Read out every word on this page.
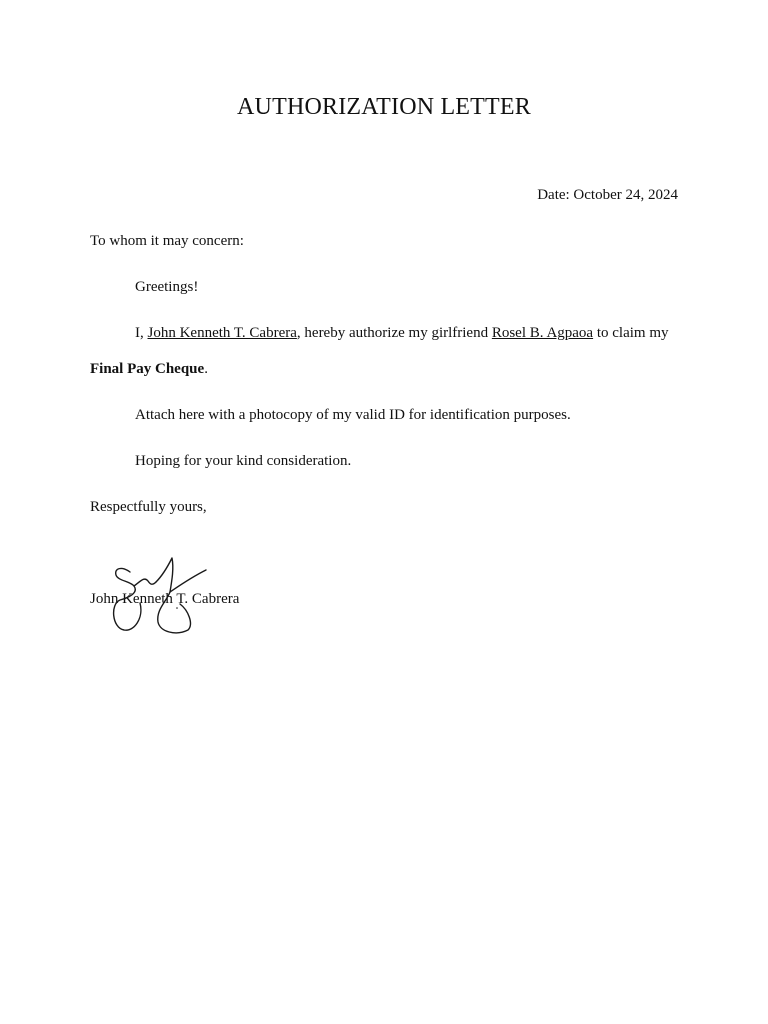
AUTHORIZATION LETTER
Date: October 24, 2024
To whom it may concern:
Greetings!
I, John Kenneth T. Cabrera, hereby authorize my girlfriend Rosel B. Agpaoa to claim my
Final Pay Cheque.
Attach here with a photocopy of my valid ID for identification purposes.
Hoping for your kind consideration.
Respectfully yours,
John Kenneth T. Cabrera
